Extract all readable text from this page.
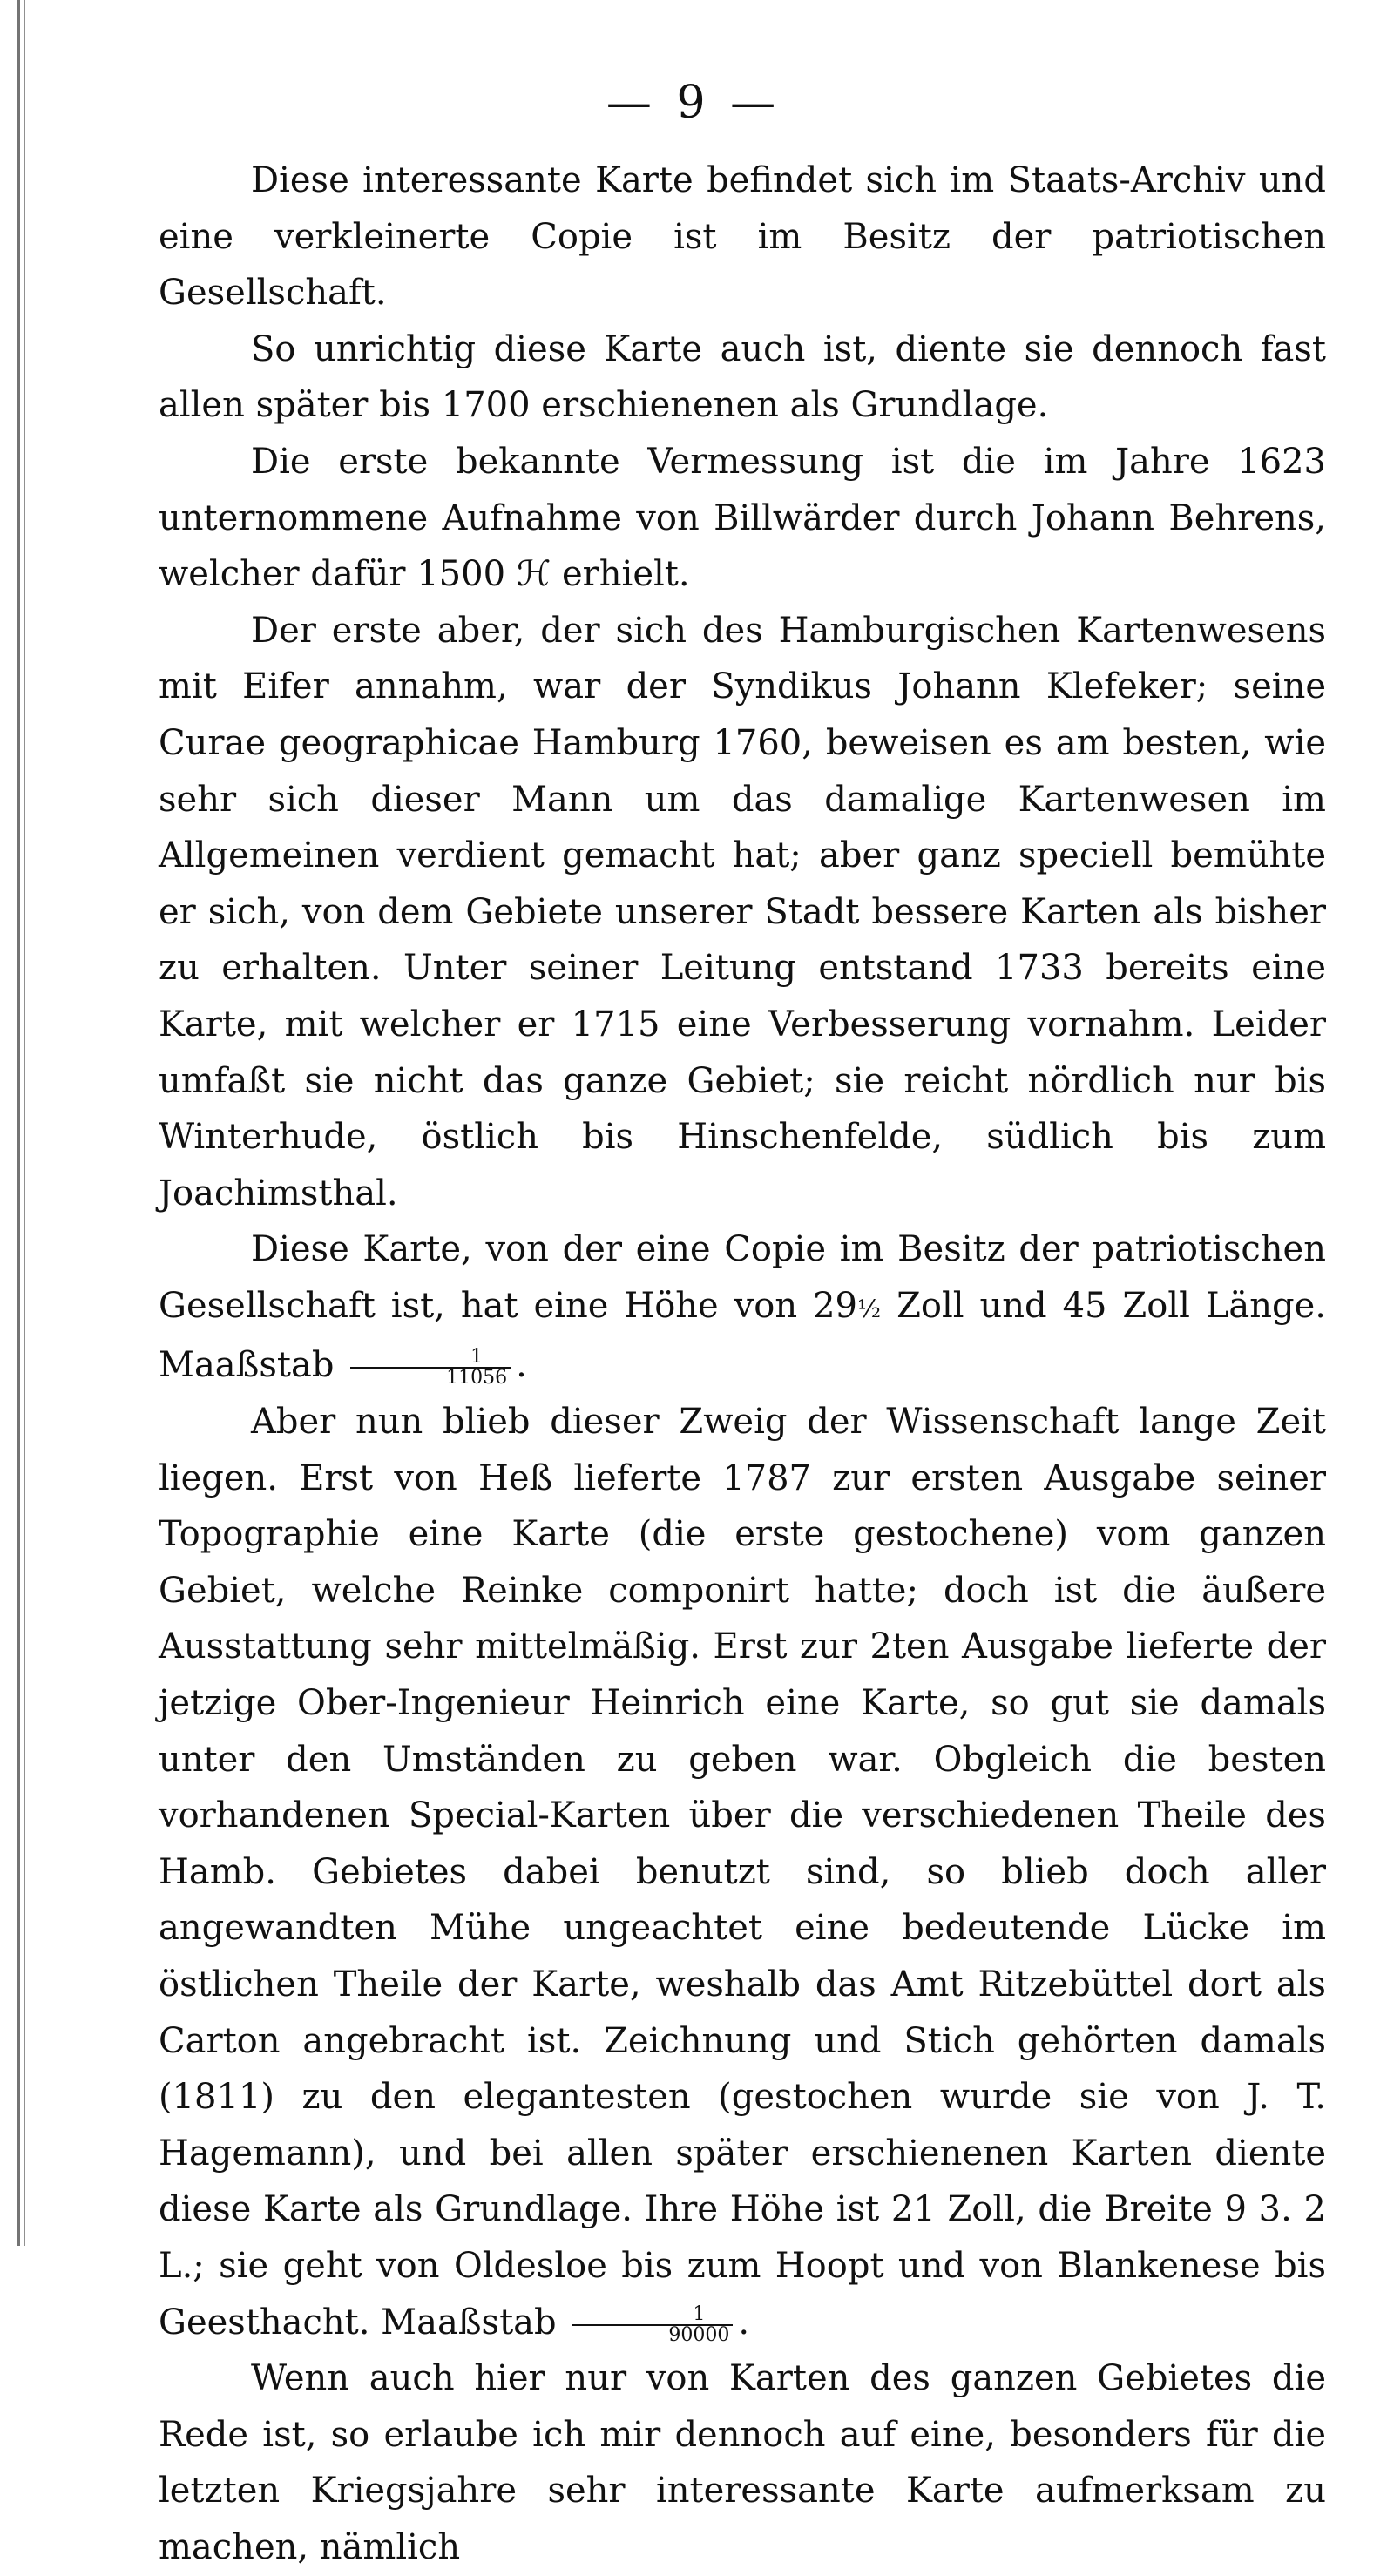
— 9 —

Diese interessante Karte befindet sich im Staats-Archiv und eine verkleinerte Copie ist im Besitz der patriotischen Gesellschaft.

So unrichtig diese Karte auch ist, diente sie dennoch fast allen später bis 1700 erschienenen als Grundlage.

Die erste bekannte Vermessung ist die im Jahre 1623 unternommene Aufnahme von Billwärder durch Johann Behrens, welcher dafür 1500 ℋ erhielt.

Der erste aber, der sich des Hamburgischen Kartenwesens mit Eifer annahm, war der Syndikus Johann Klefeker; seine Curae geographicae Hamburg 1760, beweisen es am besten, wie sehr sich dieser Mann um das damalige Kartenwesen im Allgemeinen verdient gemacht hat; aber ganz speciell bemühte er sich, von dem Gebiete unserer Stadt bessere Karten als bisher zu erhalten. Unter seiner Leitung entstand 1733 bereits eine Karte, mit welcher er 1715 eine Verbesserung vornahm. Leider umfaßt sie nicht das ganze Gebiet; sie reicht nördlich nur bis Winterhude, östlich bis Hinschenfelde, südlich bis zum Joachimsthal.

Diese Karte, von der eine Copie im Besitz der patriotischen Gesellschaft ist, hat eine Höhe von 29½ Zoll und 45 Zoll Länge. Maaßstab $\frac{1}{11056}$ .

Aber nun blieb dieser Zweig der Wissenschaft lange Zeit liegen. Erst von Heß lieferte 1787 zur ersten Ausgabe seiner Topographie eine Karte (die erste gestochene) vom ganzen Gebiet, welche Reinke componirt hatte; doch ist die äußere Ausstattung sehr mittelmäßig. Erst zur 2ten Ausgabe lieferte der jetzige Ober-Ingenieur Heinrich eine Karte, so gut sie damals unter den Umständen zu geben war. Obgleich die besten vorhandenen Special-Karten über die verschiedenen Theile des Hamb. Gebietes dabei benutzt sind, so blieb doch aller angewandten Mühe ungeachtet eine bedeutende Lücke im östlichen Theile der Karte, weshalb das Amt Ritzebüttel dort als Carton angebracht ist. Zeichnung und Stich gehörten damals (1811) zu den elegantesten (gestochen wurde sie von J. T. Hagemann), und bei allen später erschienenen Karten diente diese Karte als Grundlage. Ihre Höhe ist 21 Zoll, die Breite 9 3. 2 L.; sie geht von Oldesloe bis zum Hoopt und von Blankenese bis Geesthacht. Maaßstab $\frac{1}{90000}$ .

Wenn auch hier nur von Karten des ganzen Gebietes die Rede ist, so erlaube ich mir dennoch auf eine, besonders für die letzten Kriegsjahre sehr interessante Karte aufmerksam zu machen, nämlich
